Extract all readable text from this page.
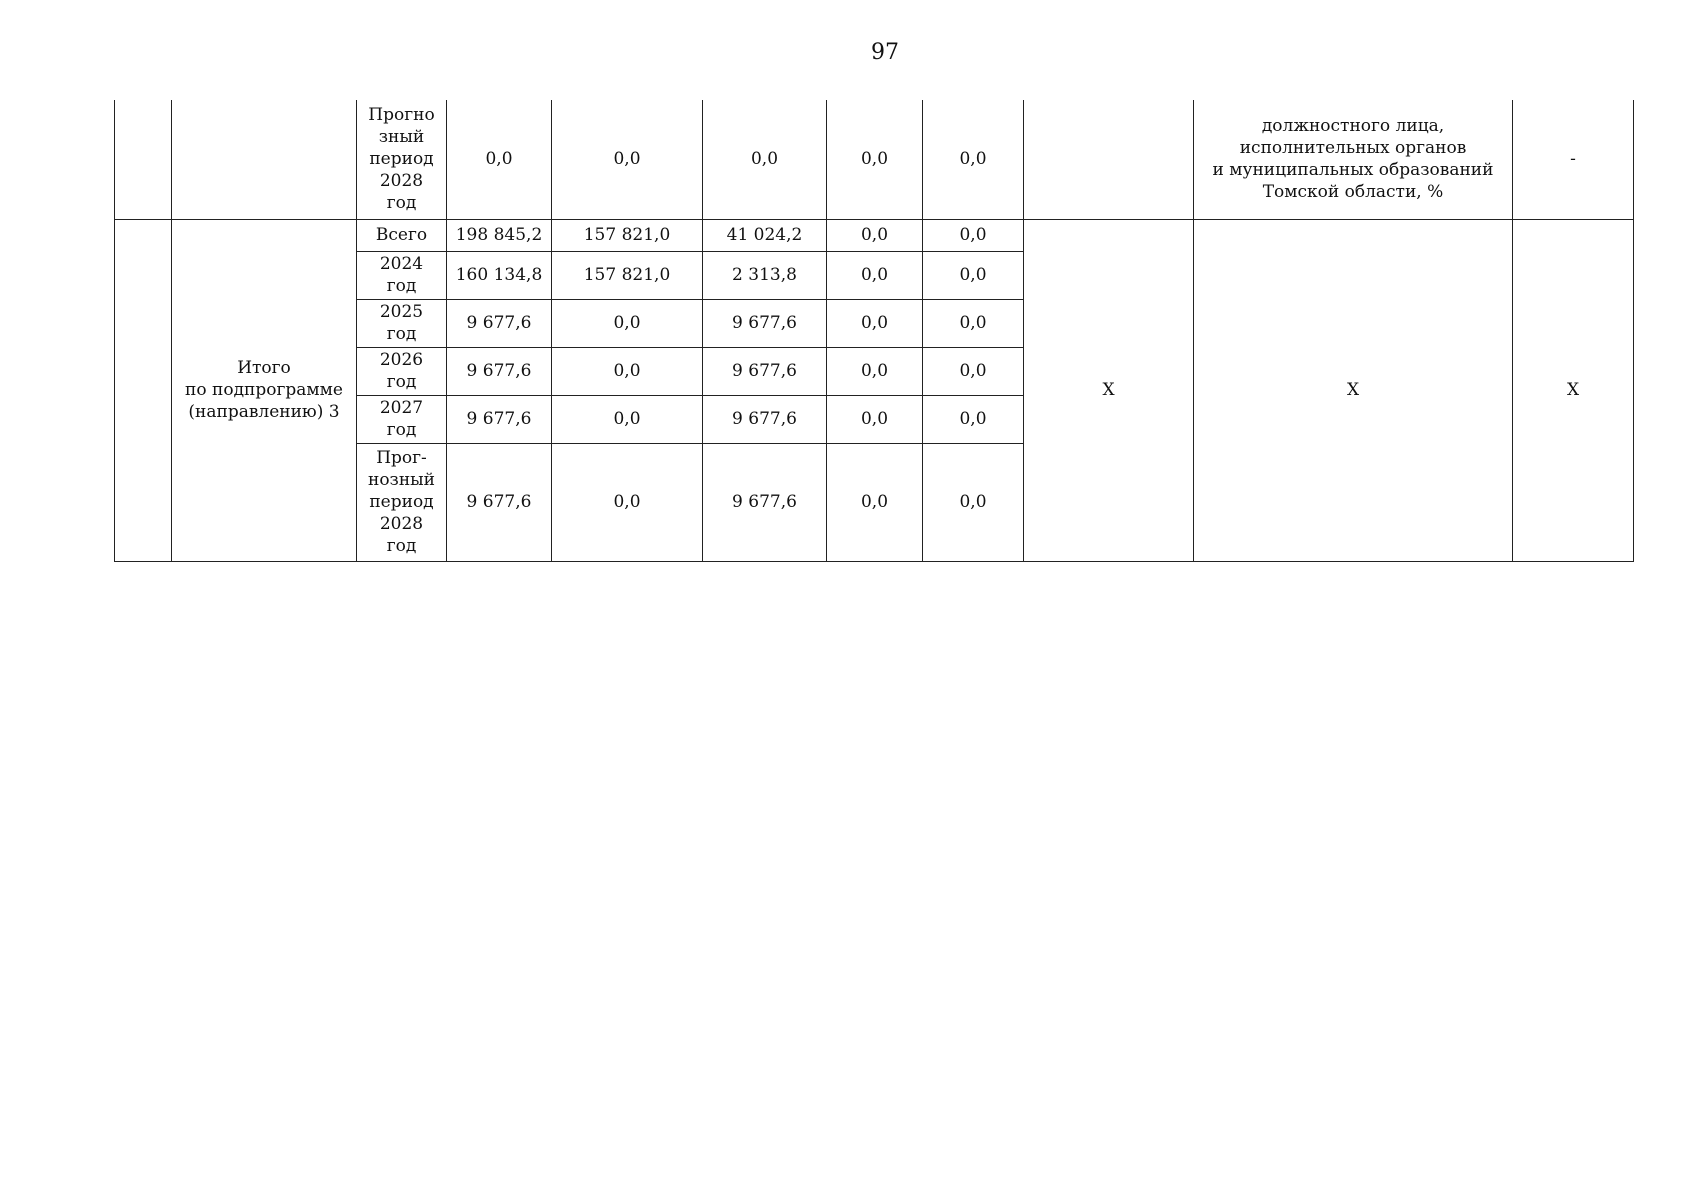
97

		Прогно
зный
период
2028
год	0,0	0,0	0,0	0,0	0,0		должностного лица,
исполнительных органов
и муниципальных образований
Томской области, %	-

	Итого
по подпрограмме
(направлению) 3	Всего	198 845,2	157 821,0	41 024,2	0,0	0,0	Х	Х	Х

		2024
год	160 134,8	157 821,0	2 313,8	0,0	0,0			

		2025
год	9 677,6	0,0	9 677,6	0,0	0,0			

		2026
год	9 677,6	0,0	9 677,6	0,0	0,0			

		2027
год	9 677,6	0,0	9 677,6	0,0	0,0			

		Прог-
нозный
период
2028
год	9 677,6	0,0	9 677,6	0,0	0,0			
